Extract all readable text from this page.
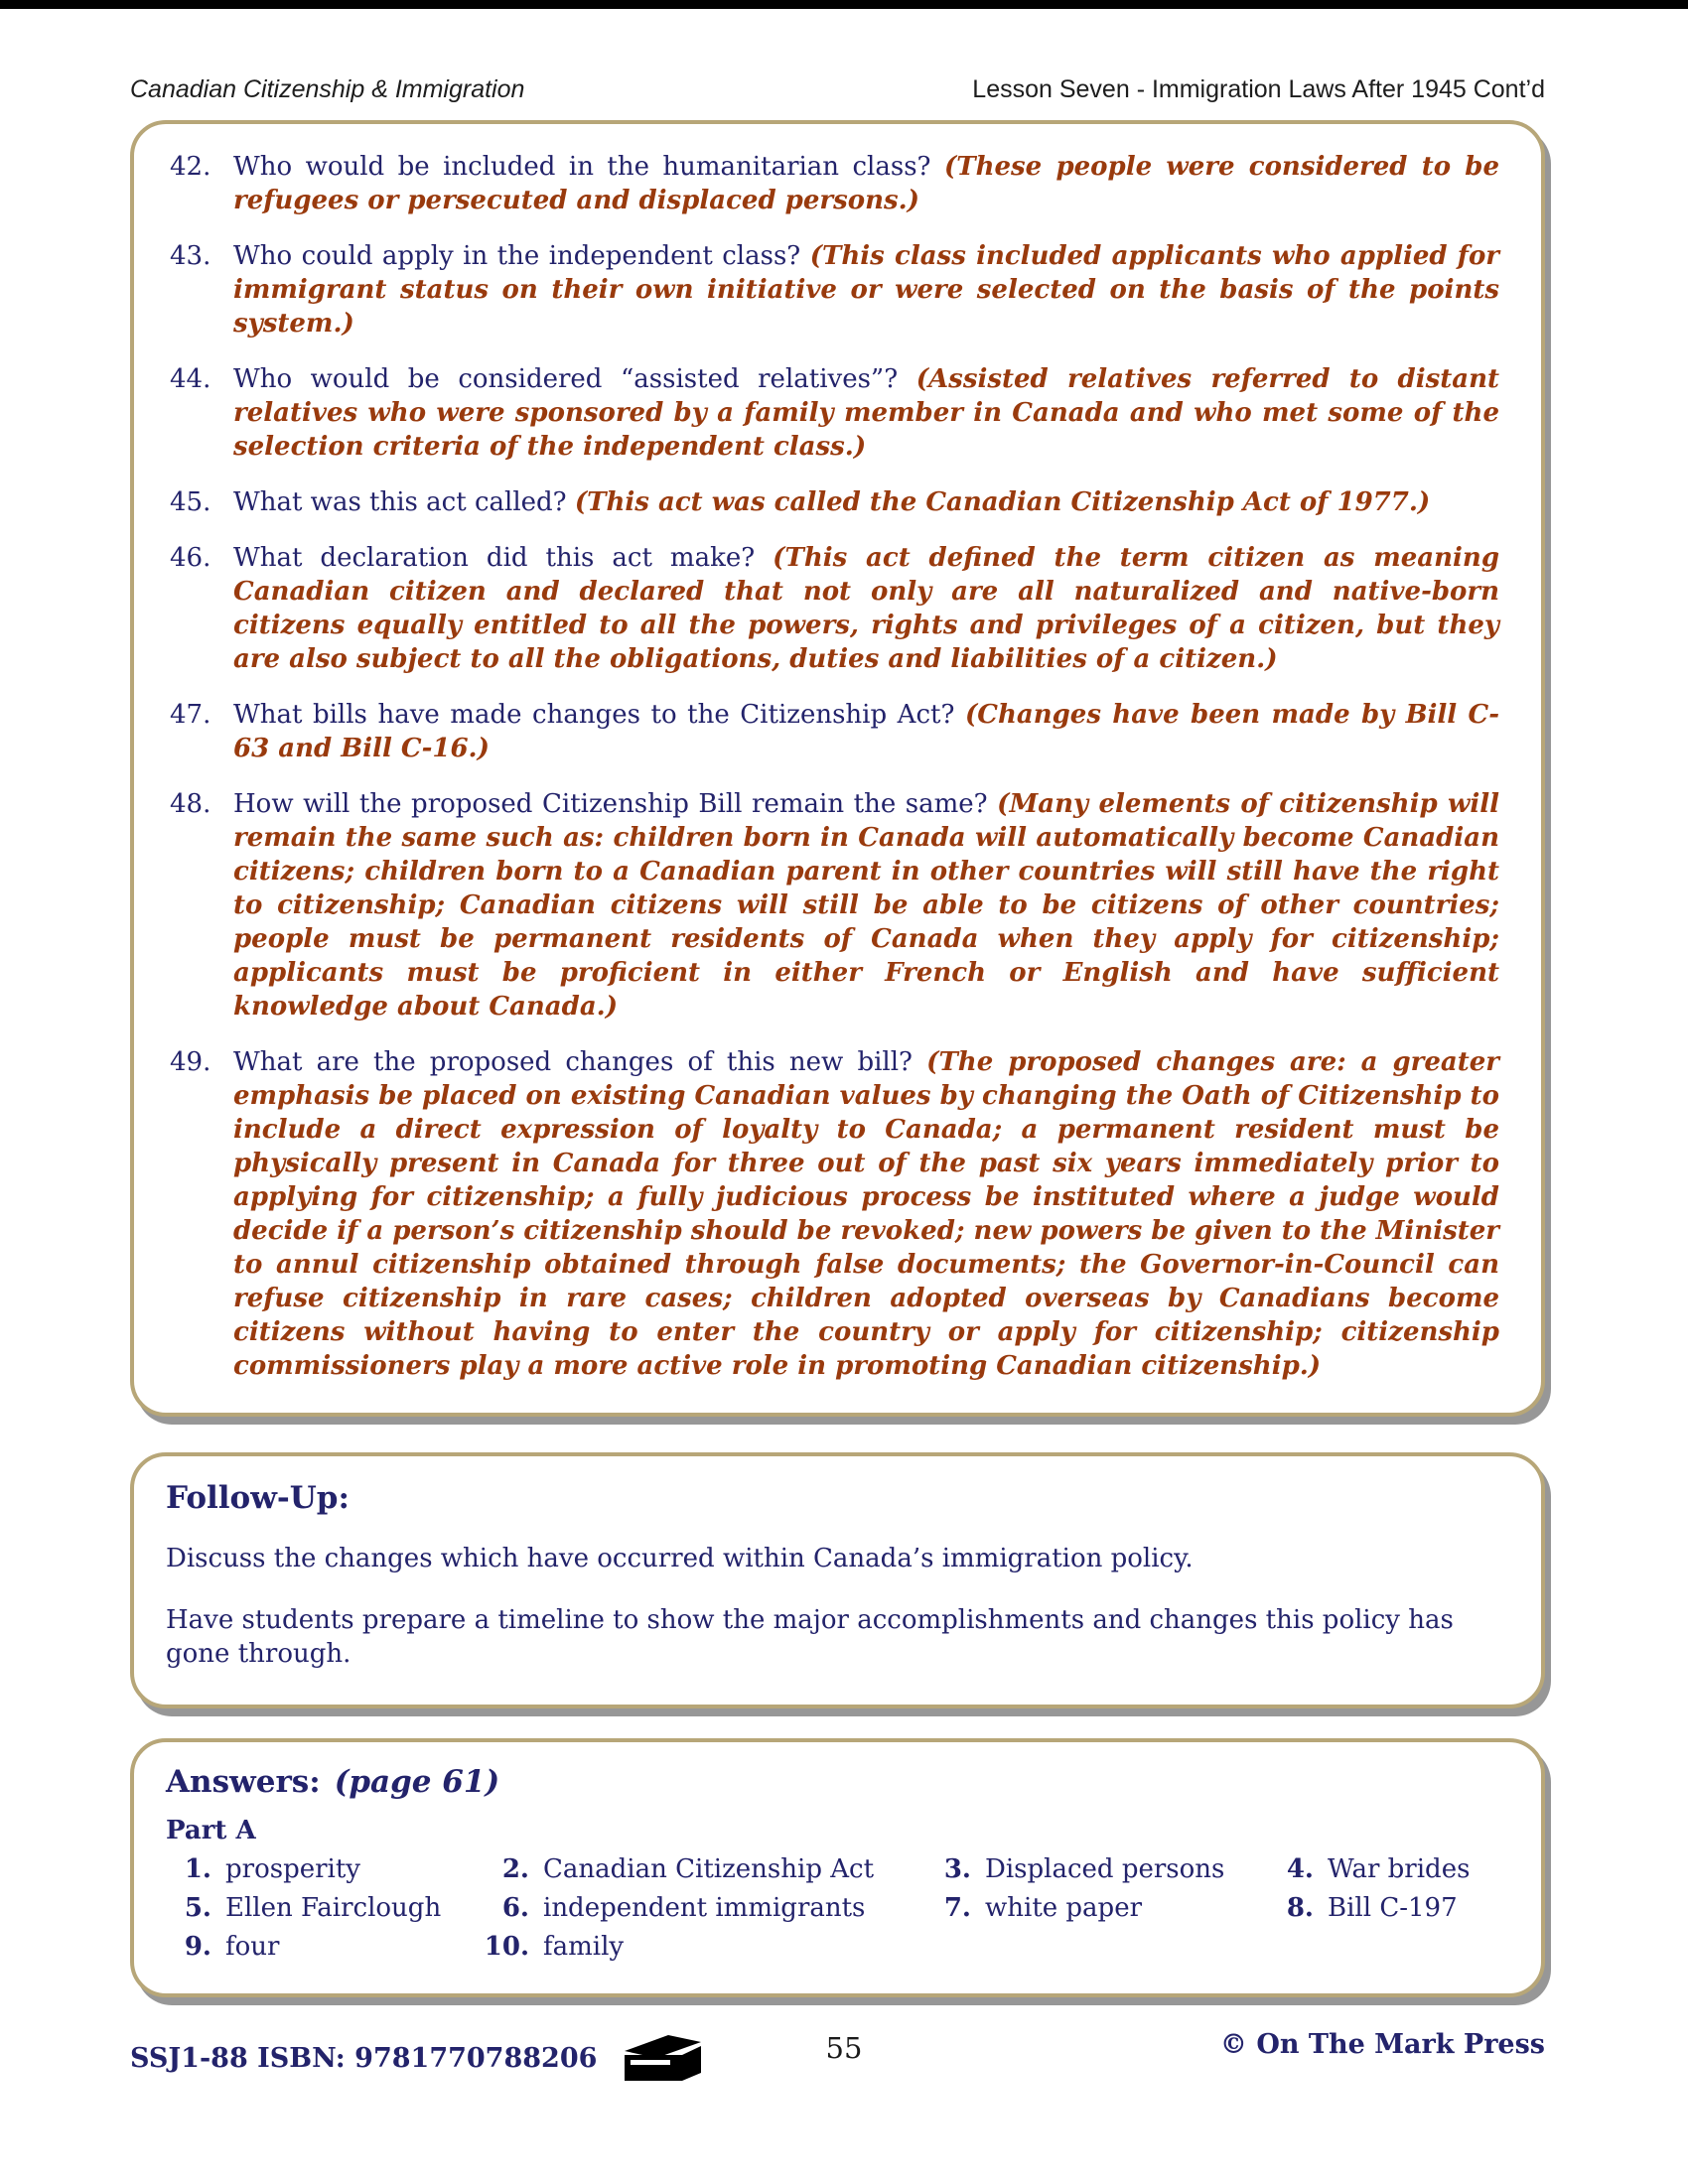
Canadian Citizenship & Immigration	Lesson Seven - Immigration Laws After 1945 Cont’d
42. Who would be included in the humanitarian class? (These people were considered to be refugees or persecuted and displaced persons.)
43. Who could apply in the independent class? (This class included applicants who applied for immigrant status on their own initiative or were selected on the basis of the points system.)
44. Who would be considered “assisted relatives”? (Assisted relatives referred to distant relatives who were sponsored by a family member in Canada and who met some of the selection criteria of the independent class.)
45. What was this act called? (This act was called the Canadian Citizenship Act of 1977.)
46. What declaration did this act make? (This act defined the term citizen as meaning Canadian citizen and declared that not only are all naturalized and native-born citizens equally entitled to all the powers, rights and privileges of a citizen, but they are also subject to all the obligations, duties and liabilities of a citizen.)
47. What bills have made changes to the Citizenship Act? (Changes have been made by Bill C-63 and Bill C-16.)
48. How will the proposed Citizenship Bill remain the same? (Many elements of citizenship will remain the same such as: children born in Canada will automatically become Canadian citizens; children born to a Canadian parent in other countries will still have the right to citizenship; Canadian citizens will still be able to be citizens of other countries; people must be permanent residents of Canada when they apply for citizenship; applicants must be proficient in either French or English and have sufficient knowledge about Canada.)
49. What are the proposed changes of this new bill? (The proposed changes are: a greater emphasis be placed on existing Canadian values by changing the Oath of Citizenship to include a direct expression of loyalty to Canada; a permanent resident must be physically present in Canada for three out of the past six years immediately prior to applying for citizenship; a fully judicious process be instituted where a judge would decide if a person’s citizenship should be revoked; new powers be given to the Minister to annul citizenship obtained through false documents; the Governor-in-Council can refuse citizenship in rare cases; children adopted overseas by Canadians become citizens without having to enter the country or apply for citizenship; citizenship commissioners play a more active role in promoting Canadian citizenship.)
Follow-Up:

Discuss the changes which have occurred within Canada’s immigration policy.

Have students prepare a timeline to show the major accomplishments and changes this policy has gone through.

Answers: (page 61)
Part A
1. prosperity	2. Canadian Citizenship Act	3. Displaced persons	4. War brides
5. Ellen Fairclough	6. independent immigrants	7. white paper	8. Bill C-197
9. four	10. family
SSJ1-88 ISBN: 9781770788206	55	© On The Mark Press
